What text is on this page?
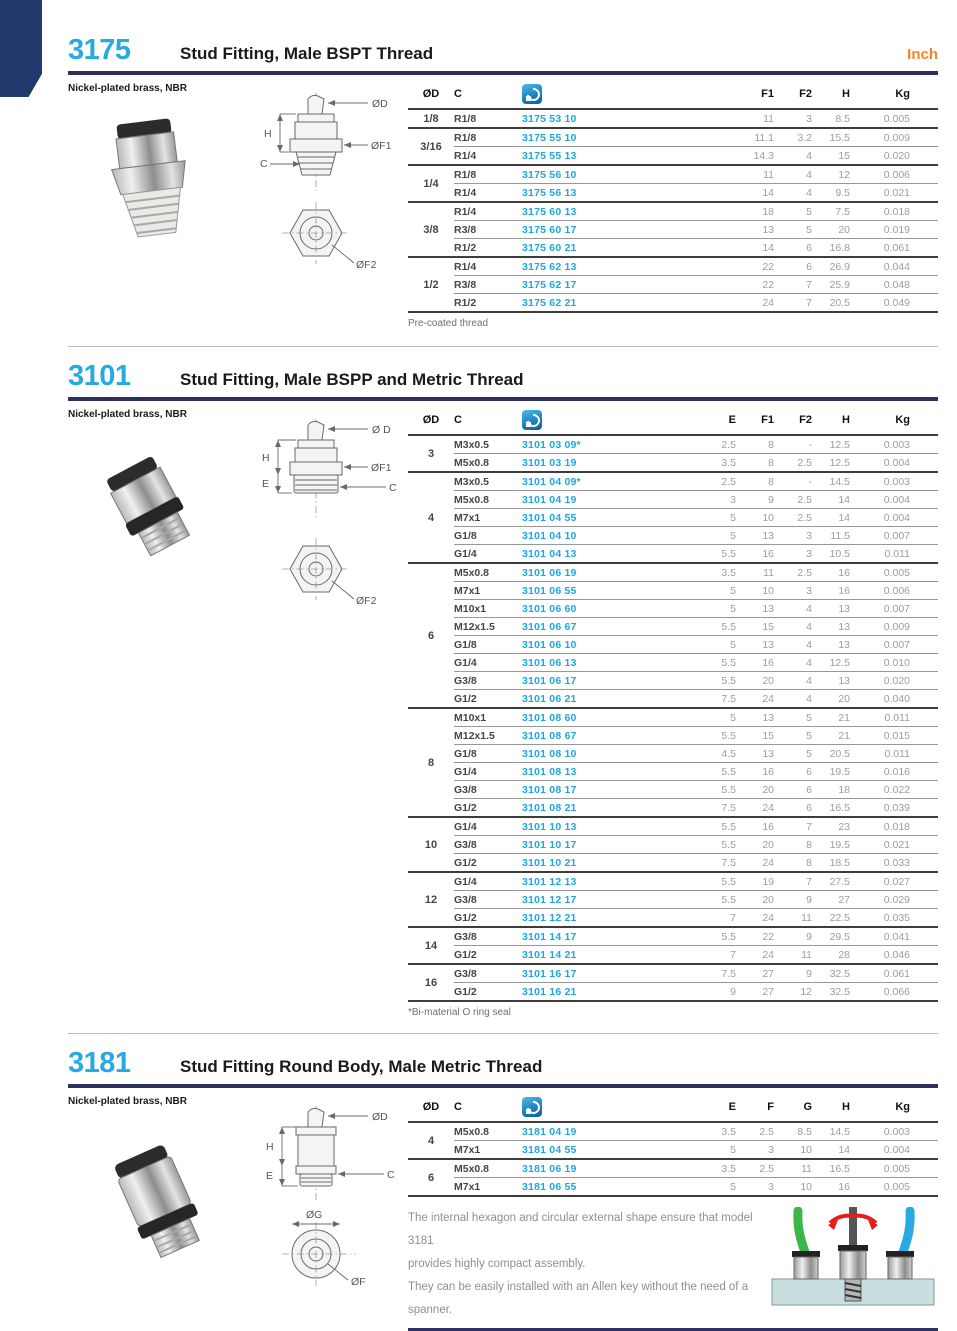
3175	Stud Fitting, Male BSPT Thread	Inch
Nickel-plated brass, NBR
ØD
H
ØF1
C
ØF2
ØD	C		F1	F2	H	Kg
1/8	R1/8	3175 53 10	11	3	8.5	0.005
3/16	R1/8	3175 55 10	11.1	3.2	15.5	0.009
	R1/4	3175 55 13	14.3	4	15	0.020
1/4	R1/8	3175 56 10	11	4	12	0.006
	R1/4	3175 56 13	14	4	9.5	0.021
3/8	R1/4	3175 60 13	18	5	7.5	0.018
	R3/8	3175 60 17	13	5	20	0.019
	R1/2	3175 60 21	14	6	16.8	0.061
1/2	R1/4	3175 62 13	22	6	26.9	0.044
	R3/8	3175 62 17	22	7	25.9	0.048
	R1/2	3175 62 21	24	7	20.5	0.049
Pre-coated thread
3101	Stud Fitting, Male BSPP and Metric Thread
Nickel-plated brass, NBR
Ø D
H
E
ØF1
C
ØF2
ØD	C		E	F1	F2	H	Kg
3	M3x0.5	3101 03 09*	2.5	8	-	12.5	0.003
	M5x0.8	3101 03 19	3.5	8	2.5	12.5	0.004
4	M3x0.5	3101 04 09*	2.5	8	-	14.5	0.003
	M5x0.8	3101 04 19	3	9	2.5	14	0.004
	M7x1	3101 04 55	5	10	2.5	14	0.004
	G1/8	3101 04 10	5	13	3	11.5	0.007
	G1/4	3101 04 13	5.5	16	3	10.5	0.011
6	M5x0.8	3101 06 19	3.5	11	2.5	16	0.005
	M7x1	3101 06 55	5	10	3	16	0.006
	M10x1	3101 06 60	5	13	4	13	0.007
	M12x1.5	3101 06 67	5.5	15	4	13	0.009
	G1/8	3101 06 10	5	13	4	13	0.007
	G1/4	3101 06 13	5.5	16	4	12.5	0.010
	G3/8	3101 06 17	5.5	20	4	13	0.020
	G1/2	3101 06 21	7.5	24	4	20	0.040
8	M10x1	3101 08 60	5	13	5	21	0.011
	M12x1.5	3101 08 67	5.5	15	5	21	0.015
	G1/8	3101 08 10	4.5	13	5	20.5	0.011
	G1/4	3101 08 13	5.5	16	6	19.5	0.016
	G3/8	3101 08 17	5.5	20	6	18	0.022
	G1/2	3101 08 21	7.5	24	6	16.5	0.039
10	G1/4	3101 10 13	5.5	16	7	23	0.018
	G3/8	3101 10 17	5.5	20	8	19.5	0.021
	G1/2	3101 10 21	7.5	24	8	18.5	0.033
12	G1/4	3101 12 13	5.5	19	7	27.5	0.027
	G3/8	3101 12 17	5.5	20	9	27	0.029
	G1/2	3101 12 21	7	24	11	22.5	0.035
14	G3/8	3101 14 17	5.5	22	9	29.5	0.041
	G1/2	3101 14 21	7	24	11	28	0.046
16	G3/8	3101 16 17	7.5	27	9	32.5	0.061
	G1/2	3101 16 21	9	27	12	32.5	0.066
*Bi-material O ring seal
3181	Stud Fitting Round Body, Male Metric Thread
Nickel-plated brass, NBR
ØD
H
E	C
ØG
ØF
ØD	C		E	F	G	H	Kg
4	M5x0.8	3181 04 19	3.5	2.5	8.5	14.5	0.003
	M7x1	3181 04 55	5	3	10	14	0.004
6	M5x0.8	3181 06 19	3.5	2.5	11	16.5	0.005
	M7x1	3181 06 55	5	3	10	16	0.005
The internal hexagon and circular external shape ensure that model 3181
provides highly compact assembly.
They can be easily installed with an Allen key without the need of a spanner.
